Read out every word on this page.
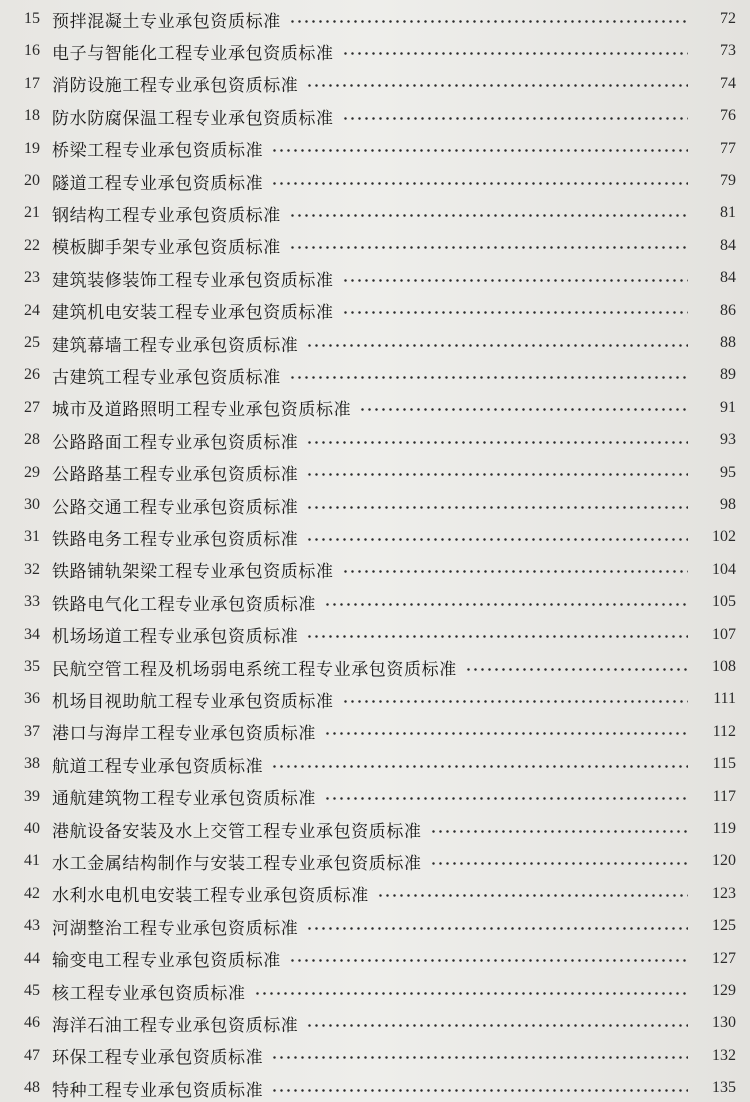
15 预拌混凝土专业承包资质标准	72
16 电子与智能化工程专业承包资质标准	73
17 消防设施工程专业承包资质标准	74
18 防水防腐保温工程专业承包资质标准	76
19 桥梁工程专业承包资质标准	77
20 隧道工程专业承包资质标准	79
21 钢结构工程专业承包资质标准	81
22 模板脚手架专业承包资质标准	84
23 建筑装修装饰工程专业承包资质标准	84
24 建筑机电安装工程专业承包资质标准	86
25 建筑幕墙工程专业承包资质标准	88
26 古建筑工程专业承包资质标准	89
27 城市及道路照明工程专业承包资质标准	91
28 公路路面工程专业承包资质标准	93
29 公路路基工程专业承包资质标准	95
30 公路交通工程专业承包资质标准	98
31 铁路电务工程专业承包资质标准	102
32 铁路铺轨架梁工程专业承包资质标准	104
33 铁路电气化工程专业承包资质标准	105
34 机场场道工程专业承包资质标准	107
35 民航空管工程及机场弱电系统工程专业承包资质标准	108
36 机场目视助航工程专业承包资质标准	111
37 港口与海岸工程专业承包资质标准	112
38 航道工程专业承包资质标准	115
39 通航建筑物工程专业承包资质标准	117
40 港航设备安装及水上交管工程专业承包资质标准	119
41 水工金属结构制作与安装工程专业承包资质标准	120
42 水利水电机电安装工程专业承包资质标准	123
43 河湖整治工程专业承包资质标准	125
44 输变电工程专业承包资质标准	127
45 核工程专业承包资质标准	129
46 海洋石油工程专业承包资质标准	130
47 环保工程专业承包资质标准	132
48 特种工程专业承包资质标准	135
